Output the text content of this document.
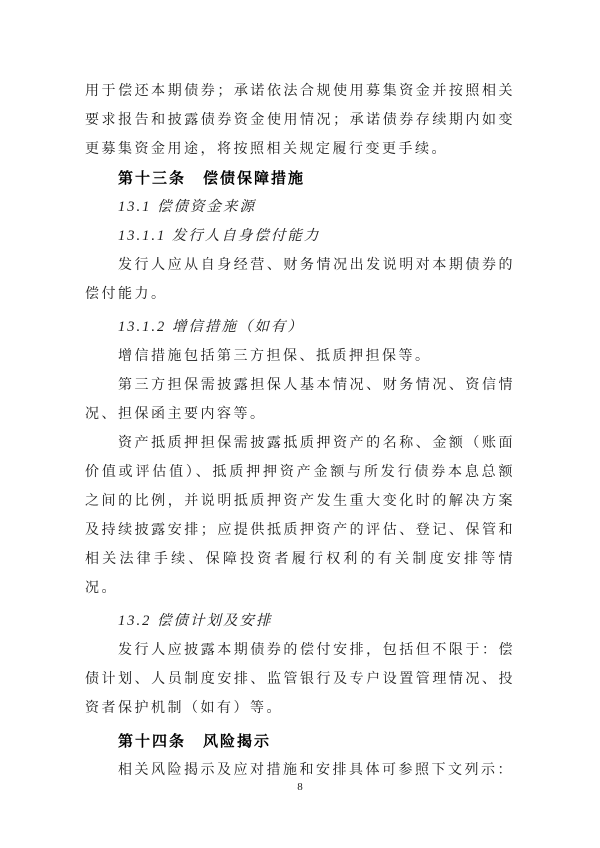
用于偿还本期债券；承诺依法合规使用募集资金并按照相关要求报告和披露债券资金使用情况；承诺债券存续期内如变更募集资金用途，将按照相关规定履行变更手续。

第十三条　偿债保障措施
13.1 偿债资金来源
13.1.1 发行人自身偿付能力

发行人应从自身经营、财务情况出发说明对本期债券的偿付能力。

13.1.2 增信措施（如有）

增信措施包括第三方担保、抵质押担保等。

第三方担保需披露担保人基本情况、财务情况、资信情况、担保函主要内容等。

资产抵质押担保需披露抵质押资产的名称、金额（账面价值或评估值）、抵质押押资产金额与所发行债券本息总额之间的比例，并说明抵质押资产发生重大变化时的解决方案及持续披露安排；应提供抵质押资产的评估、登记、保管和相关法律手续、保障投资者履行权利的有关制度安排等情况。

13.2 偿债计划及安排

发行人应披露本期债券的偿付安排，包括但不限于：偿债计划、人员制度安排、监管银行及专户设置管理情况、投资者保护机制（如有）等。

第十四条　风险揭示

相关风险揭示及应对措施和安排具体可参照下文列示：

8
